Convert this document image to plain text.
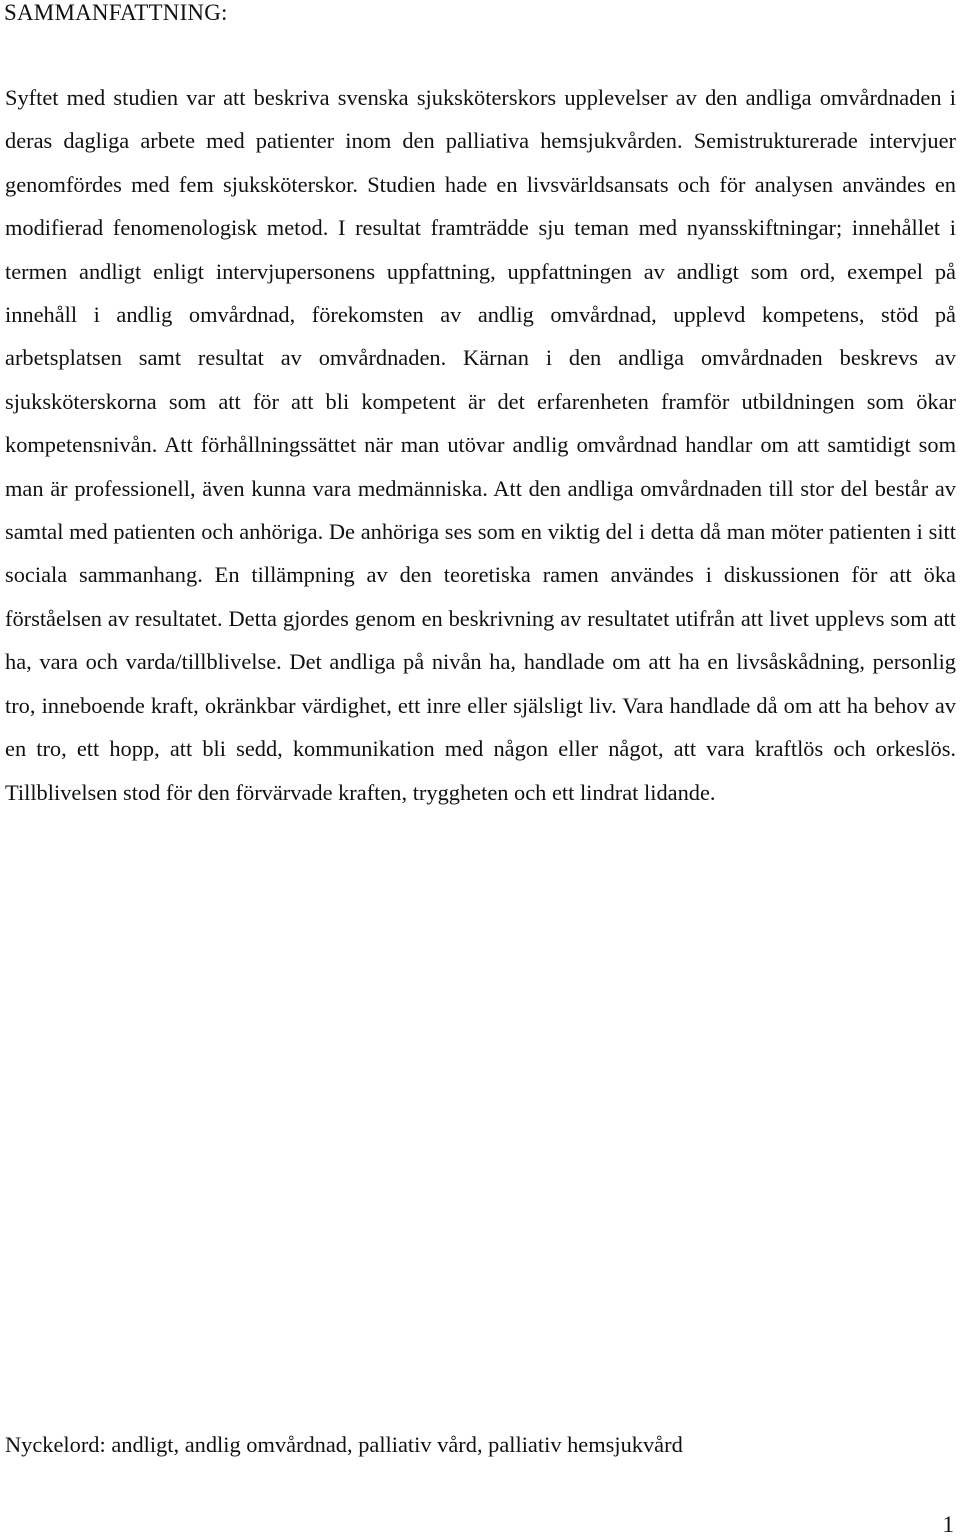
SAMMANFATTNING:

Syftet med studien var att beskriva svenska sjuksköterskors upplevelser av den andliga omvårdnaden i deras dagliga arbete med patienter inom den palliativa hemsjukvården. Semistrukturerade intervjuer genomfördes med fem sjuksköterskor. Studien hade en livsvärldsansats och för analysen användes en modifierad fenomenologisk metod. I resultat framträdde sju teman med nyansskiftningar; innehållet i termen andligt enligt intervjupersonens uppfattning, uppfattningen av andligt som ord, exempel på innehåll i andlig omvårdnad, förekomsten av andlig omvårdnad, upplevd kompetens, stöd på arbetsplatsen samt resultat av omvårdnaden. Kärnan i den andliga omvårdnaden beskrevs av sjuksköterskorna som att för att bli kompetent är det erfarenheten framför utbildningen som ökar kompetensnivån. Att förhållningssättet när man utövar andlig omvårdnad handlar om att samtidigt som man är professionell, även kunna vara medmänniska. Att den andliga omvårdnaden till stor del består av samtal med patienten och anhöriga. De anhöriga ses som en viktig del i detta då man möter patienten i sitt sociala sammanhang. En tillämpning av den teoretiska ramen användes i diskussionen för att öka förståelsen av resultatet. Detta gjordes genom en beskrivning av resultatet utifrån att livet upplevs som att ha, vara och varda/tillblivelse. Det andliga på nivån ha, handlade om att ha en livsåskådning, personlig tro, inneboende kraft, okränkbar värdighet, ett inre eller själsligt liv. Vara handlade då om att ha behov av en tro, ett hopp, att bli sedd, kommunikation med någon eller något, att vara kraftlös och orkeslös. Tillblivelsen stod för den förvärvade kraften, tryggheten och ett lindrat lidande.

Nyckelord: andligt, andlig omvårdnad, palliativ vård, palliativ hemsjukvård

1
